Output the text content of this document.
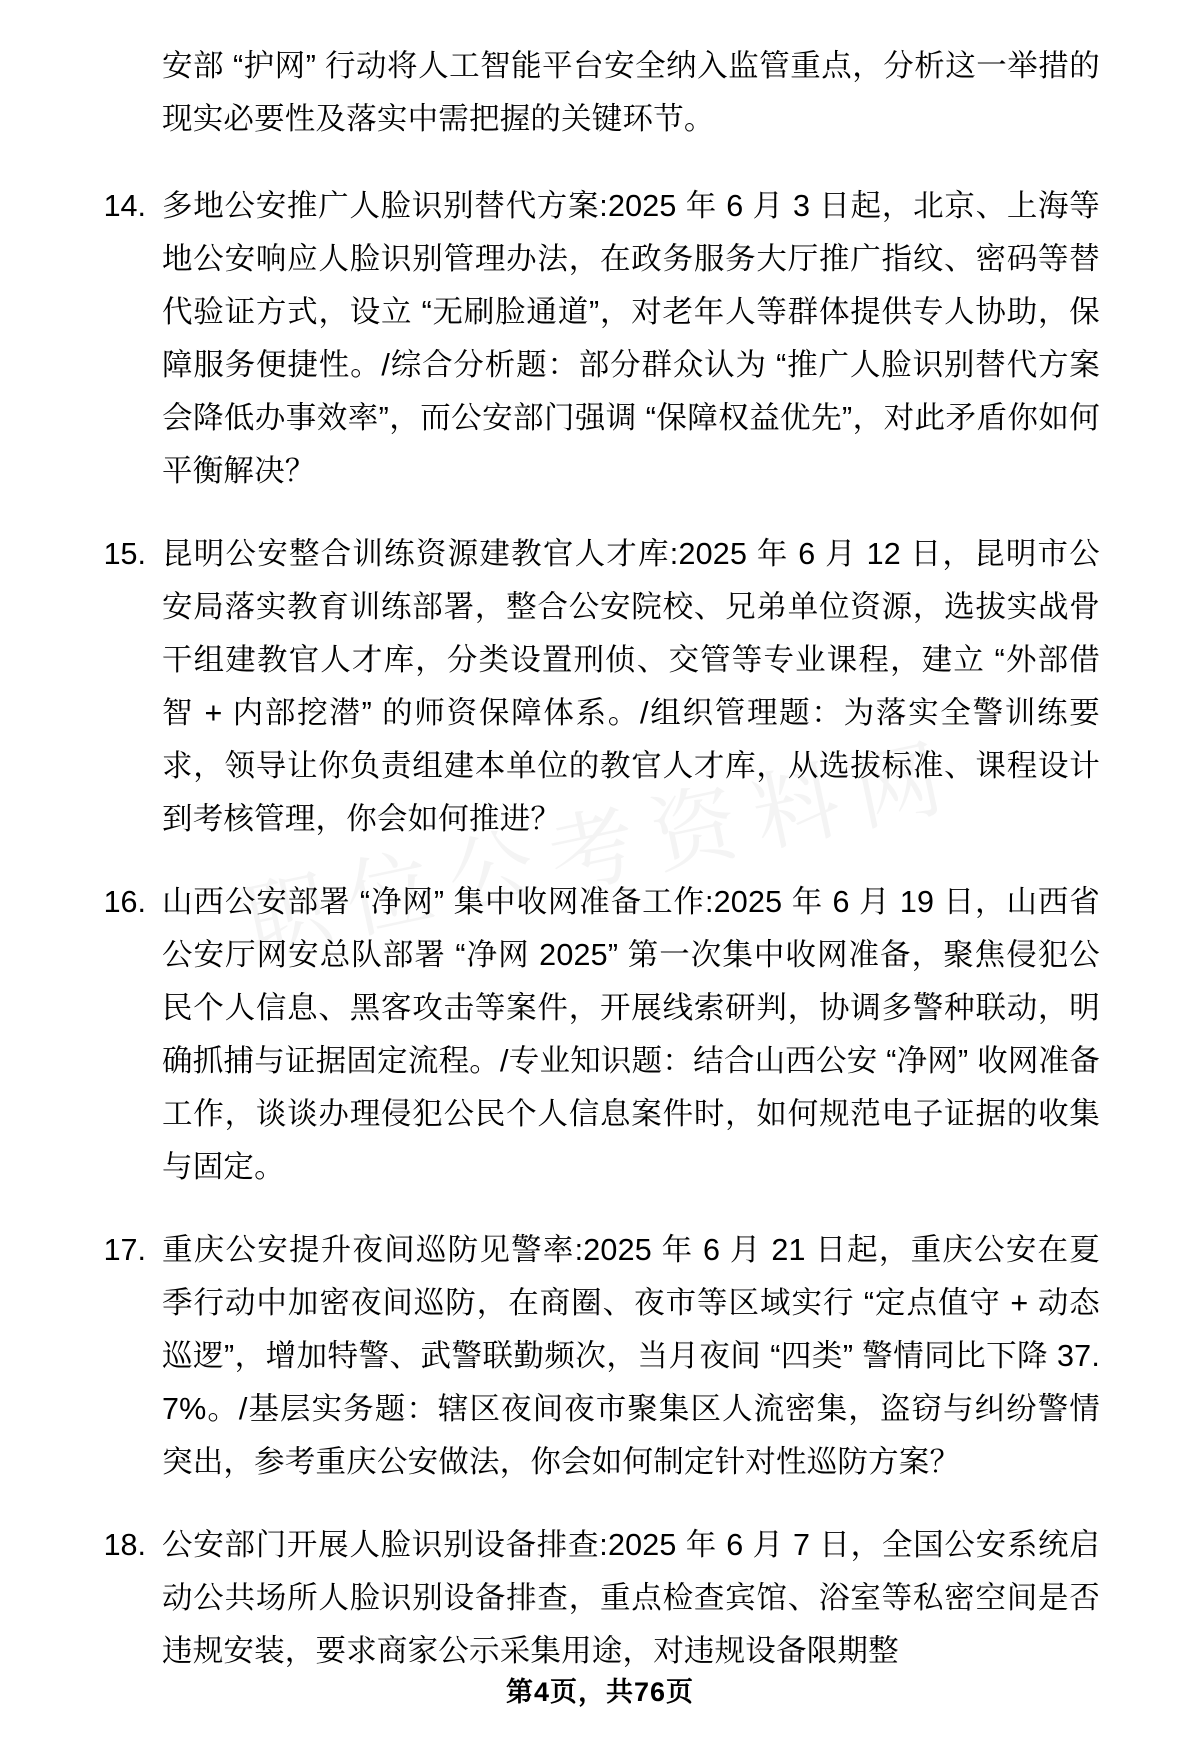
安部 “护网” 行动将人工智能平台安全纳入监管重点，分析这一举措的现实必要性及落实中需把握的关键环节。
14. 多地公安推广人脸识别替代方案:2025 年 6 月 3 日起，北京、上海等地公安响应人脸识别管理办法，在政务服务大厅推广指纹、密码等替代验证方式，设立 “无刷脸通道”，对老年人等群体提供专人协助，保障服务便捷性。/综合分析题：部分群众认为 “推广人脸识别替代方案会降低办事效率”，而公安部门强调 “保障权益优先”，对此矛盾你如何平衡解决？
15. 昆明公安整合训练资源建教官人才库:2025 年 6 月 12 日，昆明市公安局落实教育训练部署，整合公安院校、兄弟单位资源，选拔实战骨干组建教官人才库，分类设置刑侦、交管等专业课程，建立 “外部借智 + 内部挖潜” 的师资保障体系。/组织管理题：为落实全警训练要求，领导让你负责组建本单位的教官人才库，从选拔标准、课程设计到考核管理，你会如何推进？
16. 山西公安部署 “净网” 集中收网准备工作:2025 年 6 月 19 日，山西省公安厅网安总队部署 “净网 2025” 第一次集中收网准备，聚焦侵犯公民个人信息、黑客攻击等案件，开展线索研判，协调多警种联动，明确抓捕与证据固定流程。/专业知识题：结合山西公安 “净网” 收网准备工作，谈谈办理侵犯公民个人信息案件时，如何规范电子证据的收集与固定。
17. 重庆公安提升夜间巡防见警率:2025 年 6 月 21 日起，重庆公安在夏季行动中加密夜间巡防，在商圈、夜市等区域实行 “定点值守 + 动态巡逻”，增加特警、武警联勤频次，当月夜间 “四类” 警情同比下降 37.7%。/基层实务题：辖区夜间夜市聚集区人流密集，盗窃与纠纷警情突出，参考重庆公安做法，你会如何制定针对性巡防方案？
18. 公安部门开展人脸识别设备排查:2025 年 6 月 7 日，全国公安系统启动公共场所人脸识别设备排查，重点检查宾馆、浴室等私密空间是否违规安装，要求商家公示采集用途，对违规设备限期整
第4页，共76页
